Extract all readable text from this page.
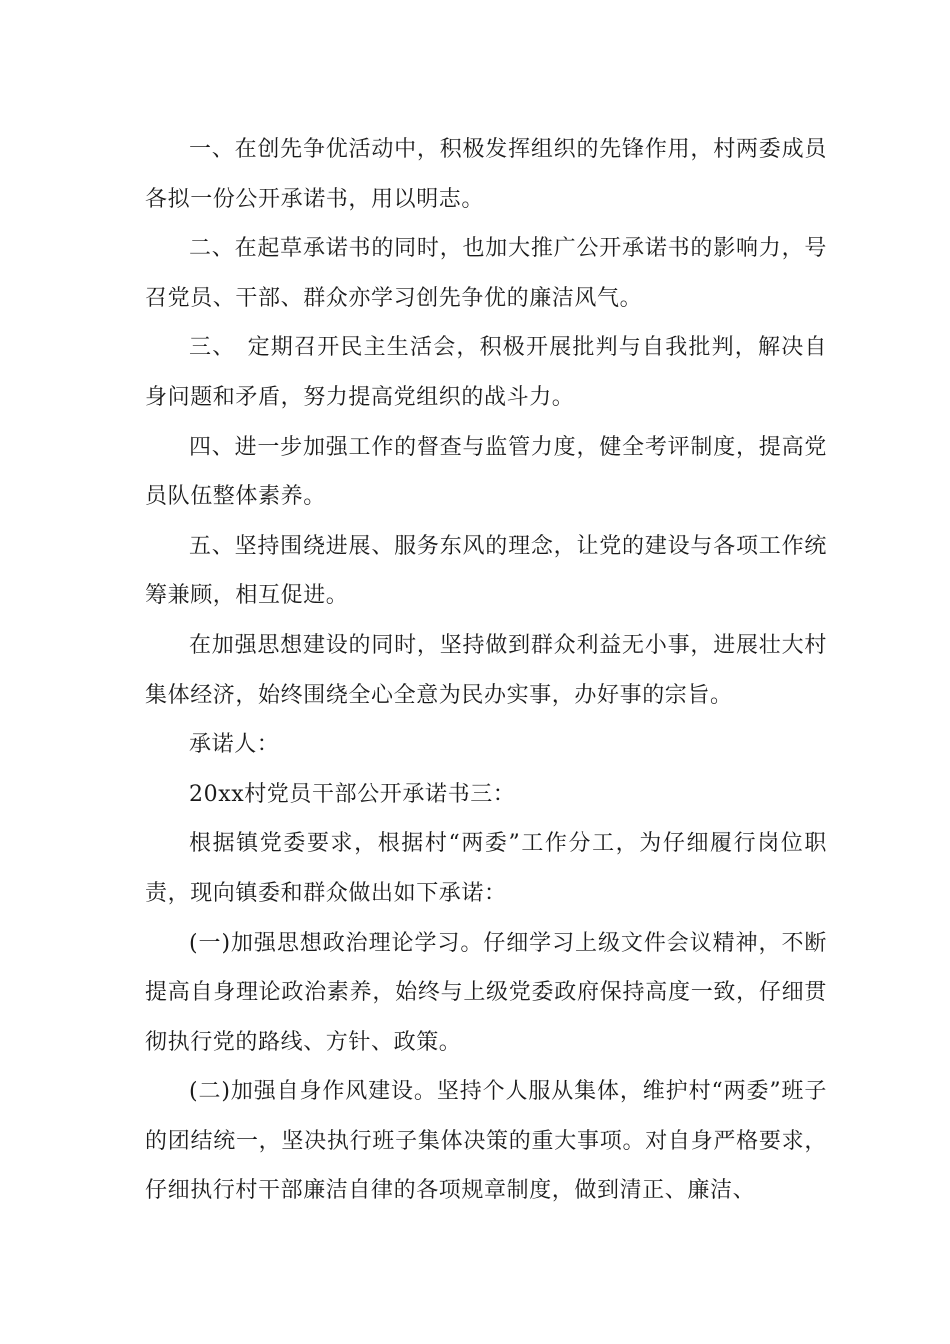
一、在创先争优活动中，积极发挥组织的先锋作用，村两委成员各拟一份公开承诺书，用以明志。

二、在起草承诺书的同时，也加大推广公开承诺书的影响力，号召党员、干部、群众亦学习创先争优的廉洁风气。

三、　定期召开民主生活会，积极开展批判与自我批判，解决自身问题和矛盾，努力提高党组织的战斗力。

四、进一步加强工作的督查与监管力度，健全考评制度，提高党员队伍整体素养。

五、坚持围绕进展、服务东风的理念，让党的建设与各项工作统筹兼顾，相互促进。

在加强思想建设的同时，坚持做到群众利益无小事，进展壮大村集体经济，始终围绕全心全意为民办实事，办好事的宗旨。

承诺人：

20xx村党员干部公开承诺书三：

根据镇党委要求，根据村“两委”工作分工，为仔细履行岗位职责，现向镇委和群众做出如下承诺：

(一)加强思想政治理论学习。仔细学习上级文件会议精神，不断提高自身理论政治素养，始终与上级党委政府保持高度一致，仔细贯彻执行党的路线、方针、政策。

(二)加强自身作风建设。坚持个人服从集体，维护村“两委”班子的团结统一，坚决执行班子集体决策的重大事项。对自身严格要求，仔细执行村干部廉洁自律的各项规章制度，做到清正、廉洁、
